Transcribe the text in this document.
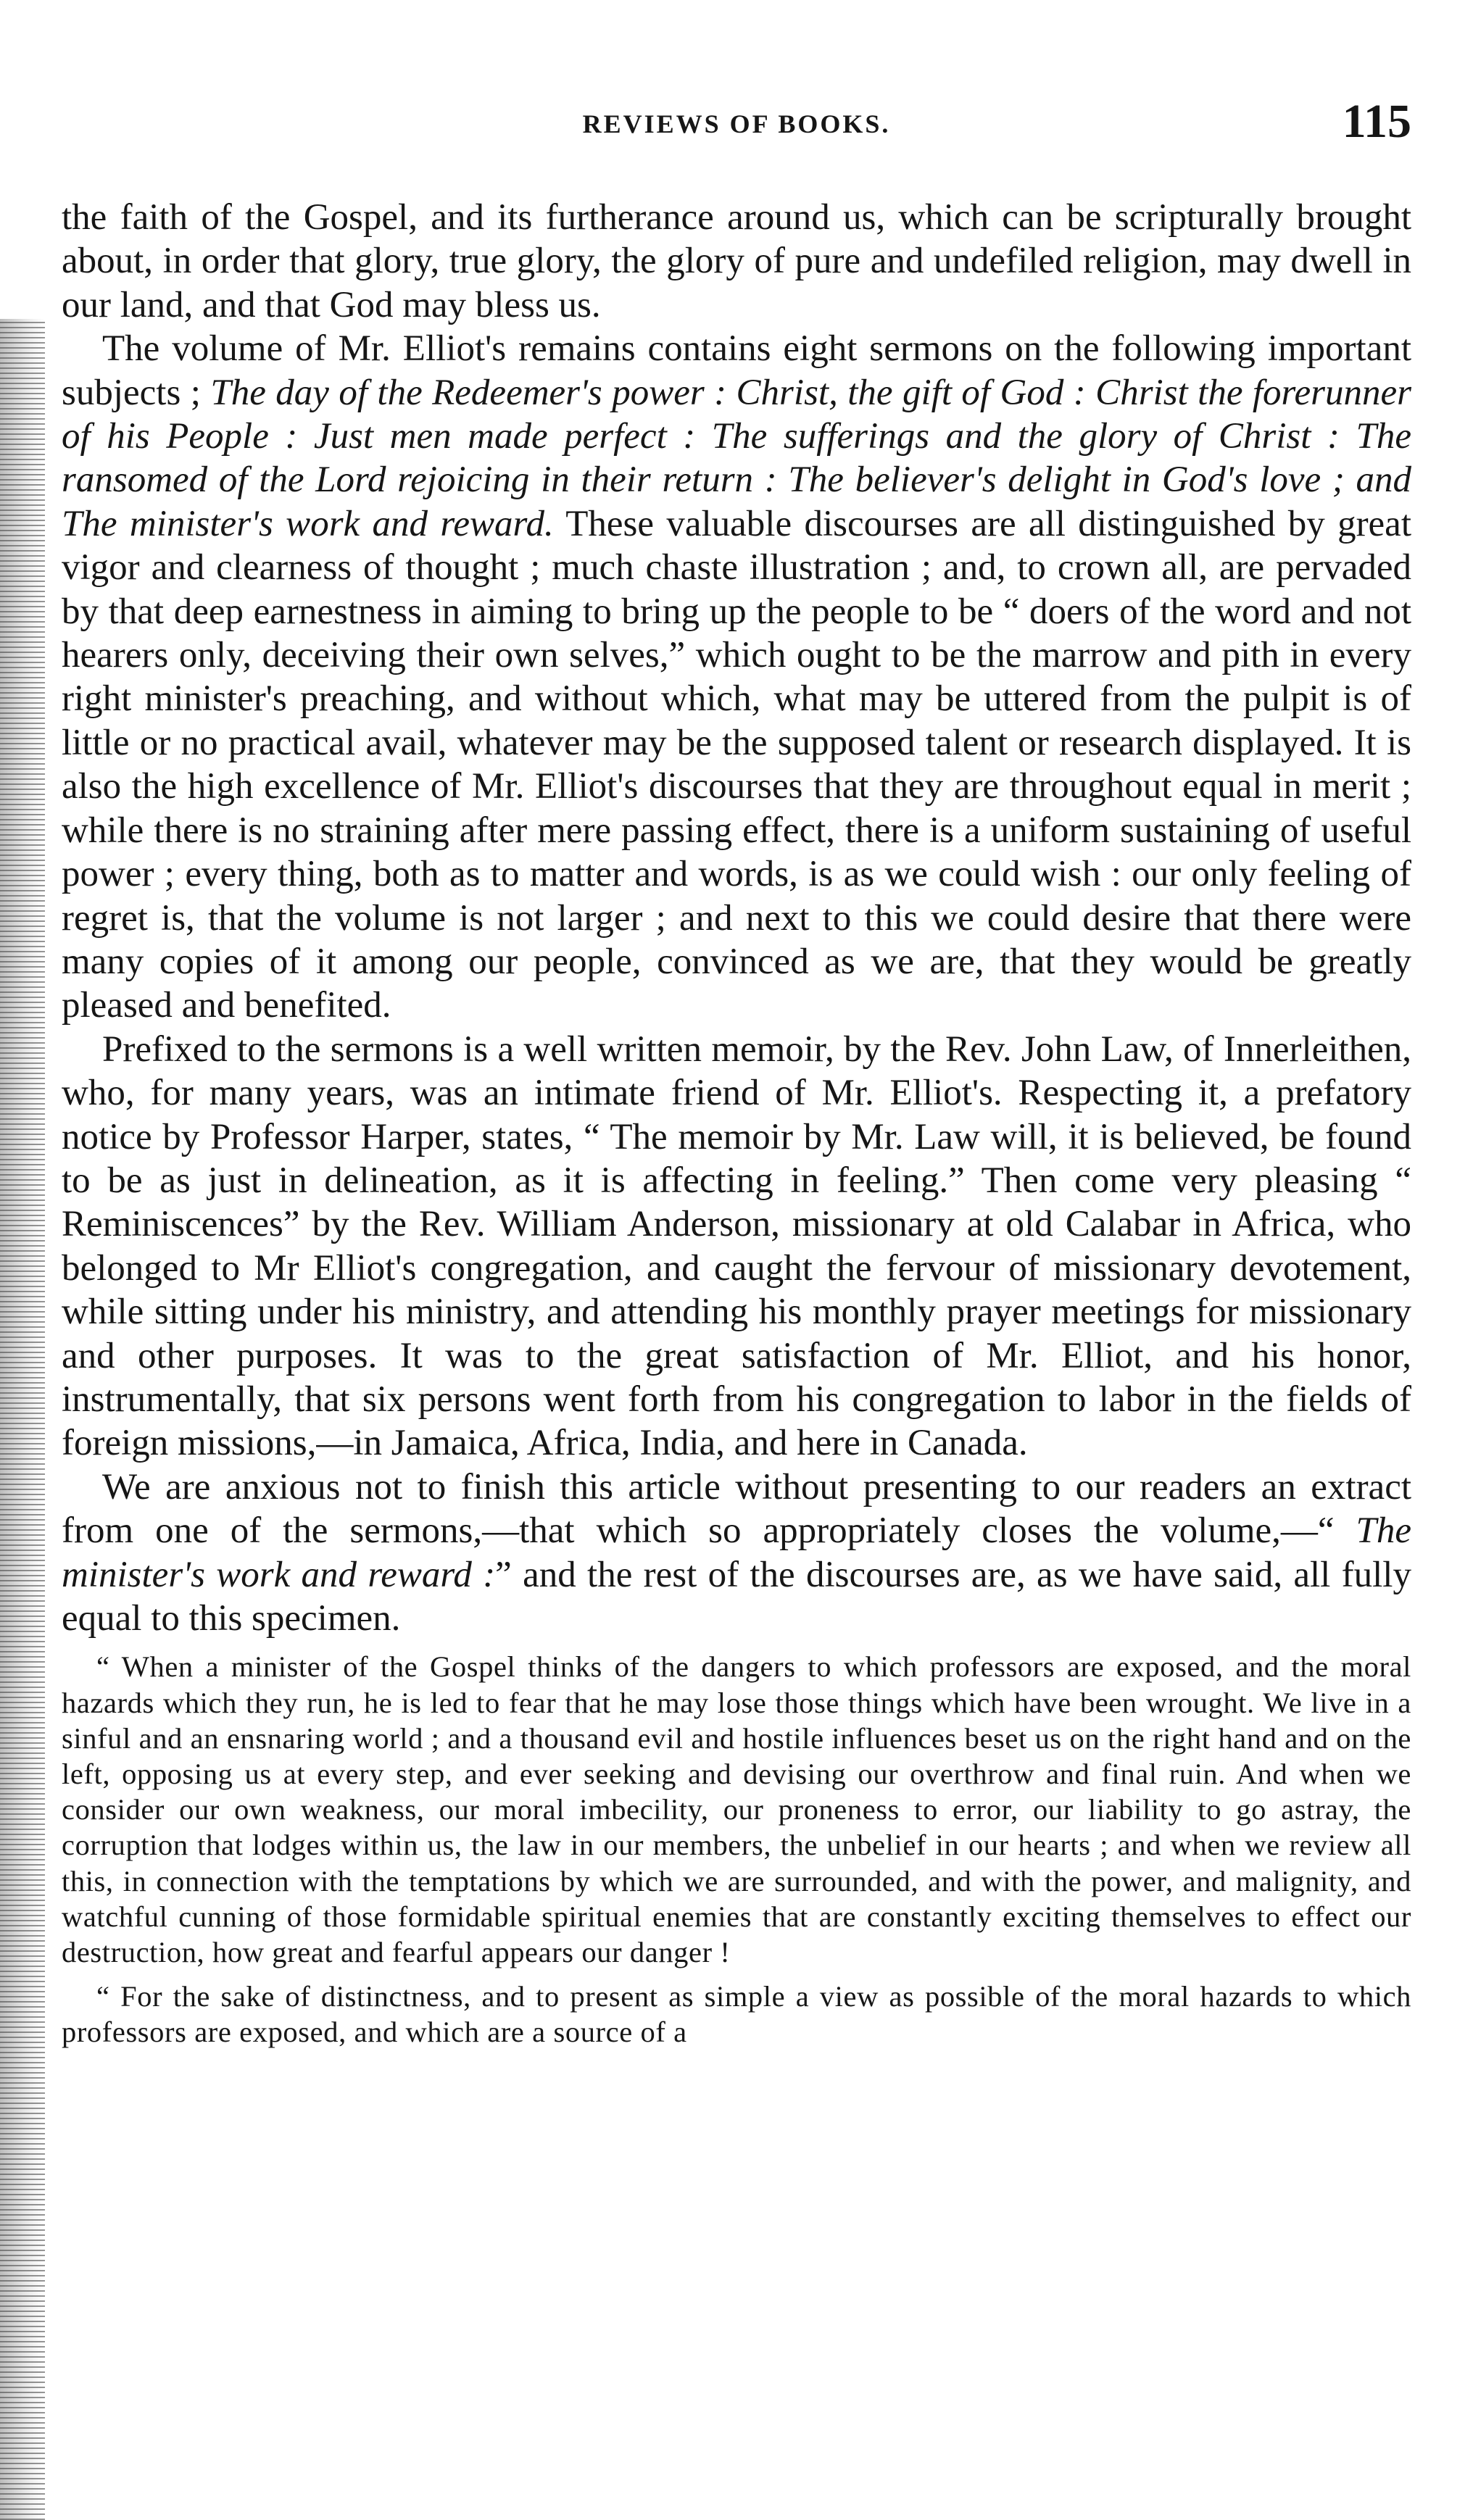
REVIEWS OF BOOKS.	115

the faith of the Gospel, and its furtherance around us, which can be scripturally brought about, in order that glory, true glory, the glory of pure and undefiled religion, may dwell in our land, and that God may bless us.

The volume of Mr. Elliot's remains contains eight sermons on the following important subjects ; The day of the Redeemer's power : Christ, the gift of God : Christ the forerunner of his People : Just men made perfect : The sufferings and the glory of Christ : The ransomed of the Lord rejoicing in their return : The believer's delight in God's love ; and The minister's work and reward. These valuable discourses are all distinguished by great vigor and clearness of thought ; much chaste illustration ; and, to crown all, are pervaded by that deep earnestness in aiming to bring up the people to be “ doers of the word and not hearers only, deceiving their own selves,” which ought to be the marrow and pith in every right minister's preaching, and without which, what may be uttered from the pulpit is of little or no practical avail, whatever may be the supposed talent or research displayed. It is also the high excellence of Mr. Elliot's discourses that they are throughout equal in merit ; while there is no straining after mere passing effect, there is a uniform sustaining of useful power ; every thing, both as to matter and words, is as we could wish : our only feeling of regret is, that the volume is not larger ; and next to this we could desire that there were many copies of it among our people, convinced as we are, that they would be greatly pleased and benefited.

Prefixed to the sermons is a well written memoir, by the Rev. John Law, of Innerleithen, who, for many years, was an intimate friend of Mr. Elliot's. Respecting it, a prefatory notice by Professor Harper, states, “ The memoir by Mr. Law will, it is believed, be found to be as just in delineation, as it is affecting in feeling.” Then come very pleasing “ Reminiscences” by the Rev. William Anderson, missionary at old Calabar in Africa, who belonged to Mr Elliot's congregation, and caught the fervour of missionary devotement, while sitting under his ministry, and attending his monthly prayer meetings for missionary and other purposes. It was to the great satisfaction of Mr. Elliot, and his honor, instrumentally, that six persons went forth from his congregation to labor in the fields of foreign missions,—in Jamaica, Africa, India, and here in Canada.

We are anxious not to finish this article without presenting to our readers an extract from one of the sermons,—that which so appropriately closes the volume,—“ The minister's work and reward :” and the rest of the discourses are, as we have said, all fully equal to this specimen.

“ When a minister of the Gospel thinks of the dangers to which professors are exposed, and the moral hazards which they run, he is led to fear that he may lose those things which have been wrought. We live in a sinful and an ensnaring world ; and a thousand evil and hostile influences beset us on the right hand and on the left, opposing us at every step, and ever seeking and devising our overthrow and final ruin. And when we consider our own weakness, our moral imbecility, our proneness to error, our liability to go astray, the corruption that lodges within us, the law in our members, the unbelief in our hearts ; and when we review all this, in connection with the temptations by which we are surrounded, and with the power, and malignity, and watchful cunning of those formidable spiritual enemies that are constantly exciting themselves to effect our destruction, how great and fearful appears our danger !

“ For the sake of distinctness, and to present as simple a view as possible of the moral hazards to which professors are exposed, and which are a source of a
